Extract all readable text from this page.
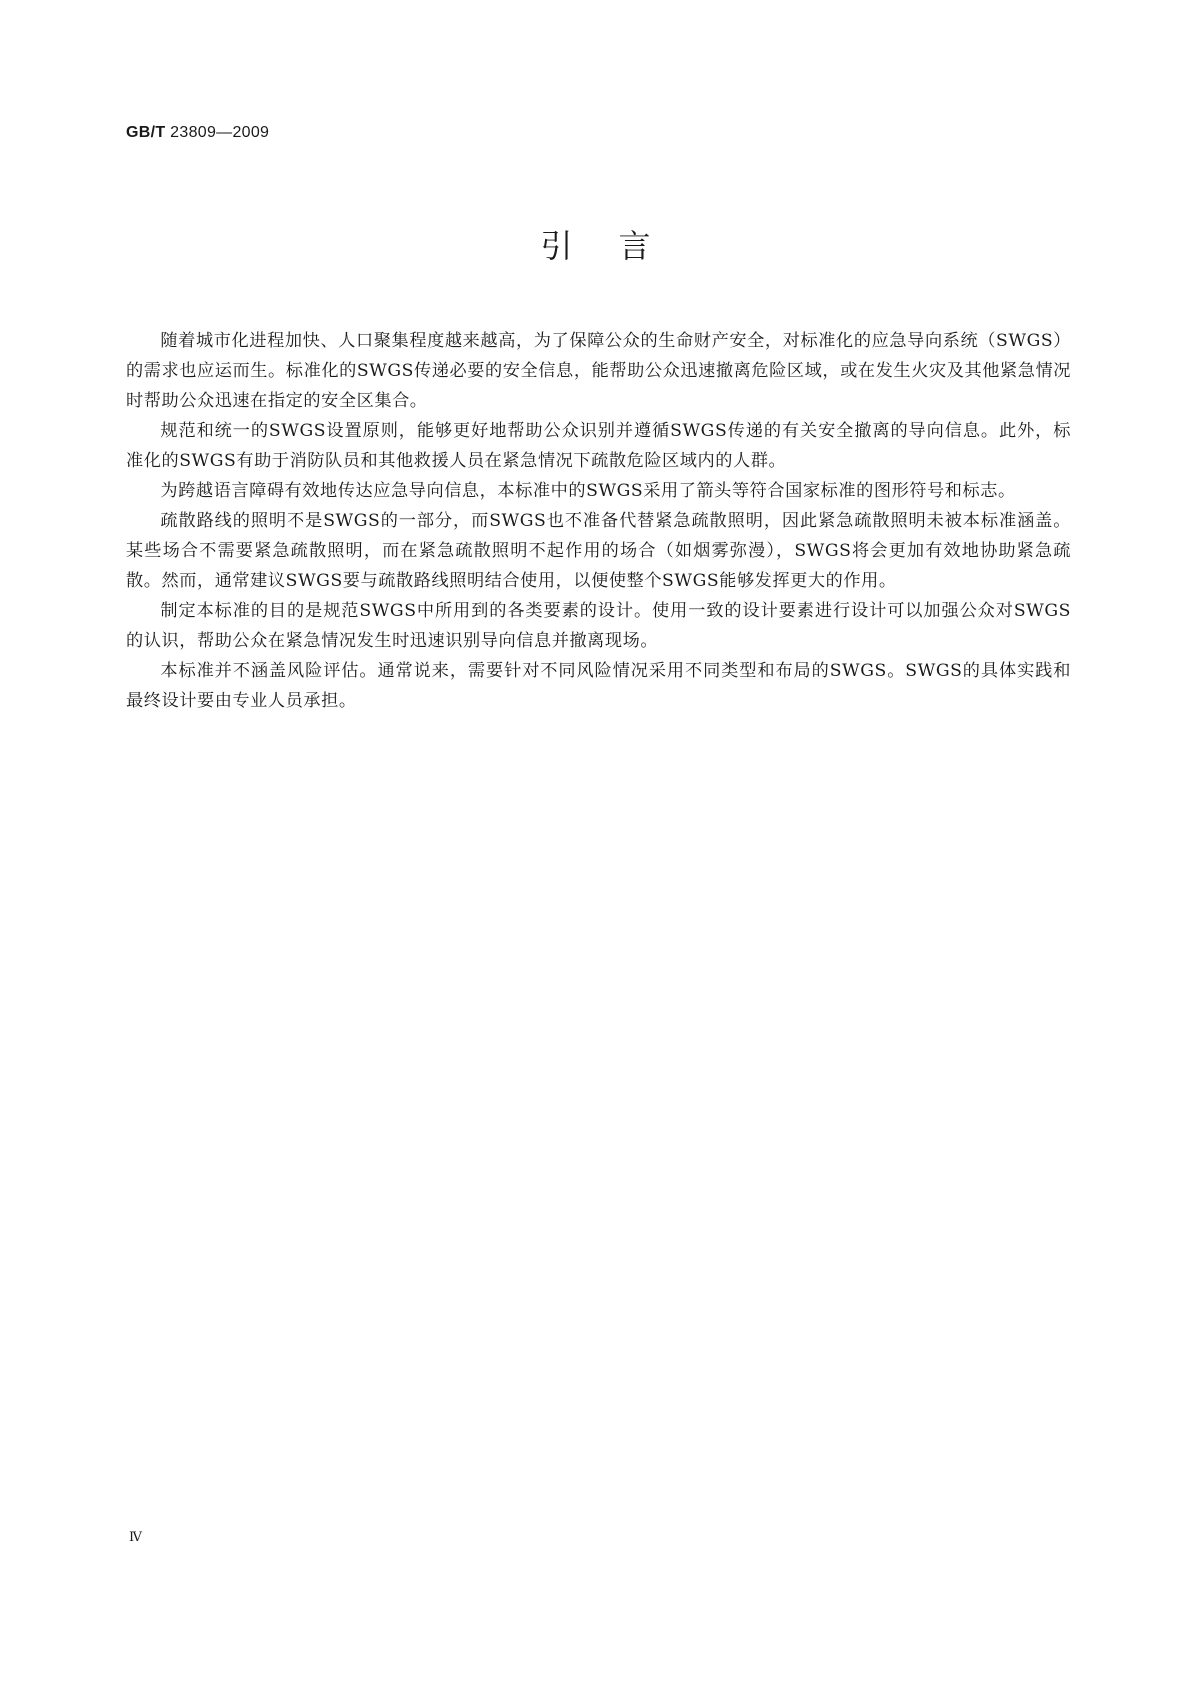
GB/T 23809—2009
引言

随着城市化进程加快、人口聚集程度越来越高，为了保障公众的生命财产安全，对标准化的应急导向系统（SWGS）的需求也应运而生。标准化的SWGS传递必要的安全信息，能帮助公众迅速撤离危险区域，或在发生火灾及其他紧急情况时帮助公众迅速在指定的安全区集合。

规范和统一的SWGS设置原则，能够更好地帮助公众识别并遵循SWGS传递的有关安全撤离的导向信息。此外，标准化的SWGS有助于消防队员和其他救援人员在紧急情况下疏散危险区域内的人群。

为跨越语言障碍有效地传达应急导向信息，本标准中的SWGS采用了箭头等符合国家标准的图形符号和标志。

疏散路线的照明不是SWGS的一部分，而SWGS也不准备代替紧急疏散照明，因此紧急疏散照明未被本标准涵盖。某些场合不需要紧急疏散照明，而在紧急疏散照明不起作用的场合（如烟雾弥漫），SWGS将会更加有效地协助紧急疏散。然而，通常建议SWGS要与疏散路线照明结合使用，以便使整个SWGS能够发挥更大的作用。

制定本标准的目的是规范SWGS中所用到的各类要素的设计。使用一致的设计要素进行设计可以加强公众对SWGS的认识，帮助公众在紧急情况发生时迅速识别导向信息并撤离现场。

本标准并不涵盖风险评估。通常说来，需要针对不同风险情况采用不同类型和布局的SWGS。SWGS的具体实践和最终设计要由专业人员承担。

Ⅳ
